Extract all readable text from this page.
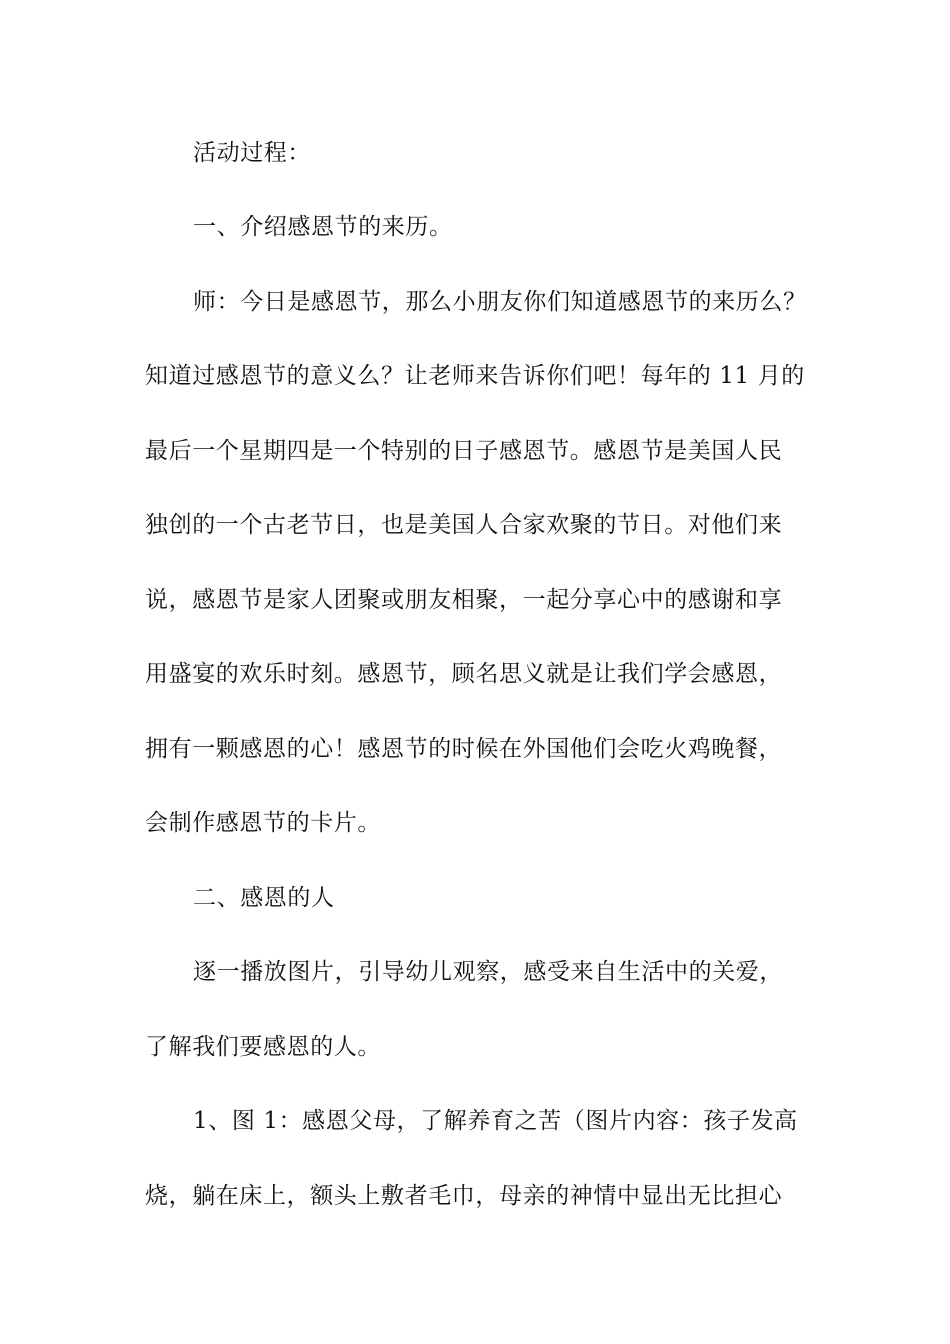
活动过程：
一、介绍感恩节的来历。
师：今日是感恩节，那么小朋友你们知道感恩节的来历么？
知道过感恩节的意义么？让老师来告诉你们吧！每年的 11 月的
最后一个星期四是一个特别的日子感恩节。感恩节是美国人民
独创的一个古老节日，也是美国人合家欢聚的节日。对他们来
说，感恩节是家人团聚或朋友相聚，一起分享心中的感谢和享
用盛宴的欢乐时刻。感恩节，顾名思义就是让我们学会感恩，
拥有一颗感恩的心！感恩节的时候在外国他们会吃火鸡晚餐，
会制作感恩节的卡片。
二、感恩的人
逐一播放图片，引导幼儿观察，感受来自生活中的关爱，
了解我们要感恩的人。
1、图 1：感恩父母，了解养育之苦（图片内容：孩子发高
烧，躺在床上，额头上敷者毛巾，母亲的神情中显出无比担心
